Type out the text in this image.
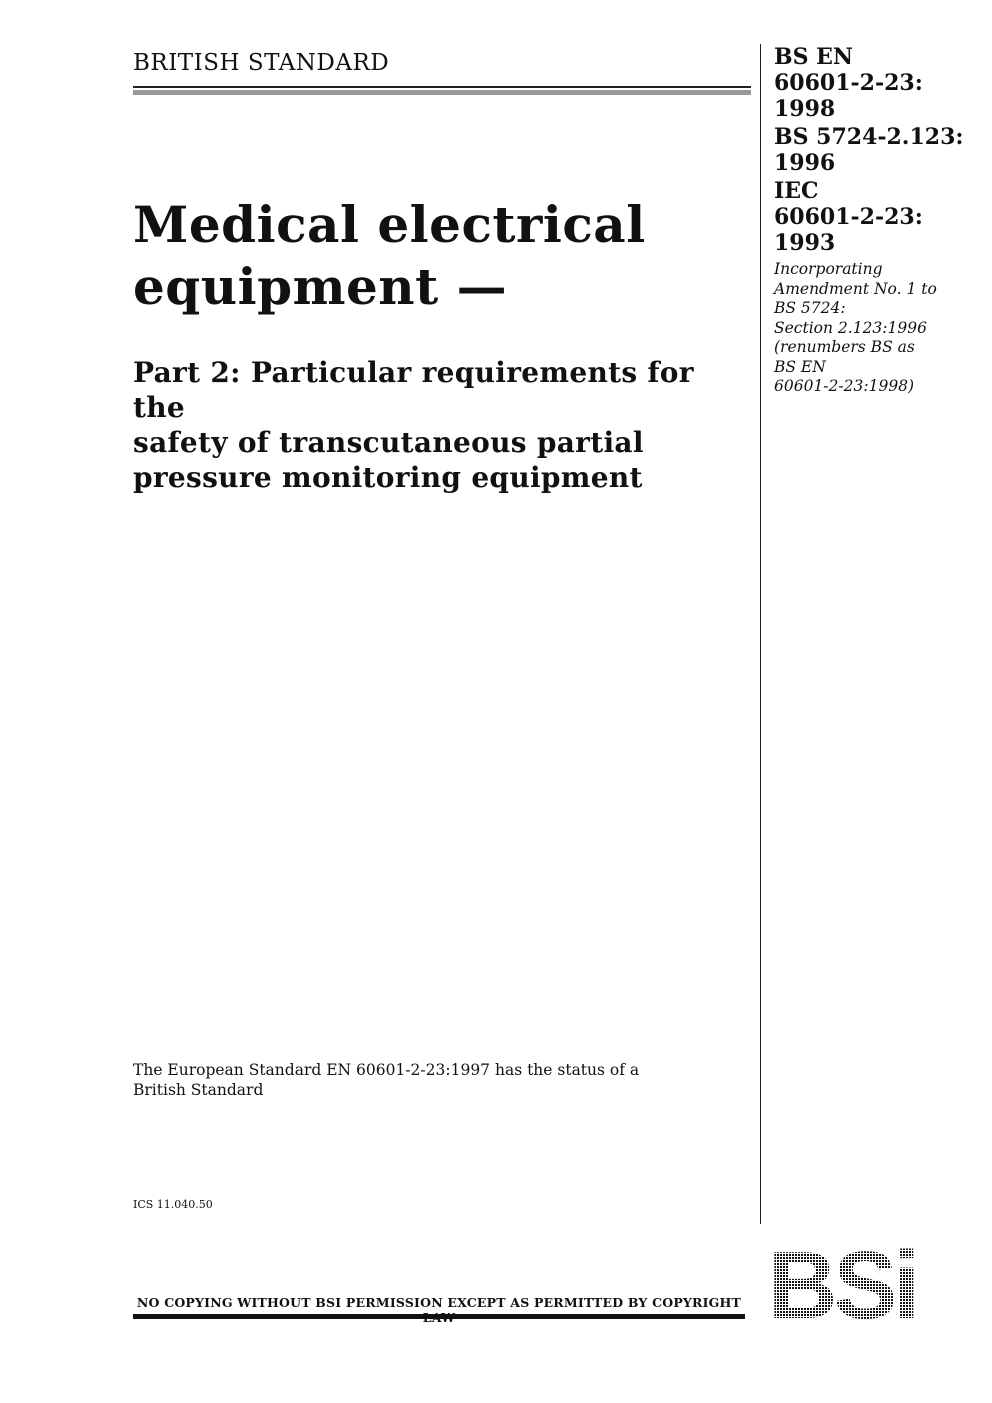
BRITISH STANDARD
Medical electrical
equipment —
Part 2: Particular requirements for the
safety of transcutaneous partial
pressure monitoring equipment
BS EN
60601-2-23:
1998
BS 5724-2.123:
1996
IEC
60601-2-23:
1993
Incorporating
Amendment No. 1 to
BS 5724:
Section 2.123:1996
(renumbers BS as
BS EN
60601-2-23:1998)
The European Standard EN 60601-2-23:1997 has the status of a British Standard
ICS 11.040.50
NO COPYING WITHOUT BSI PERMISSION EXCEPT AS PERMITTED BY COPYRIGHT BSi
